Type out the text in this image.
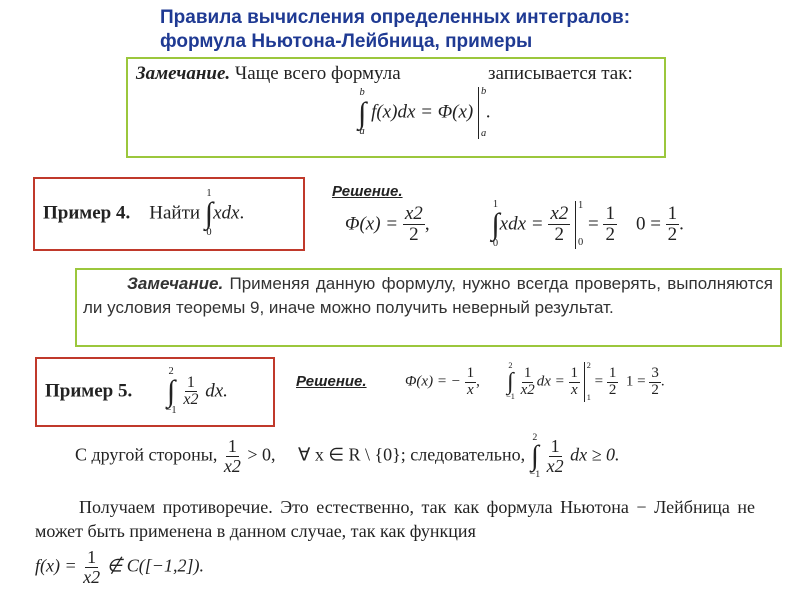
Правила вычисления определенных интегралов:
формула Ньютона-Лейбница, примеры
Замечание. Чаще всего формула	записывается так:
b
∫
a
f(x)dx = Φ(x)
b
a
.
Пример 4. Найти
1
∫
0
xdx.
Решение.
$\Phi(x) = \frac{x2}{2}$ ,
1
∫
0
xdx = $\frac{x2}{2}$
1
0
= $\frac{1}{2} 0 = \frac{1}{2}$ .
Замечание. Применяя данную формулу, нужно всегда проверять, выполняются ли условия теоремы 9, иначе можно получить неверный результат.
Пример 5.
2
∫
−1

$\frac{1}{x2}$ dx.	Решение.	Φ(x) = − $\frac{1}{x}$ ,
2
∫
−1
$\frac{1}{x2}$ dx = $\frac{1}{x}$

2
1
= $\frac{1}{2} 1 = \frac{3}{2}$ .
С другой стороны, $\frac{1}{x2} > 0$, ∀ x ∈ R \ {0}; следовательно,
2
∫
−1
$\frac{1}{x2}$ dx ≥ 0.
Получаем противоречие. Это естественно, так как формула Ньютона − Лейбница не может быть применена в данном случае, так как функция
$f(x) = \frac{1}{x2}$ ∉ C([−1,2]).
